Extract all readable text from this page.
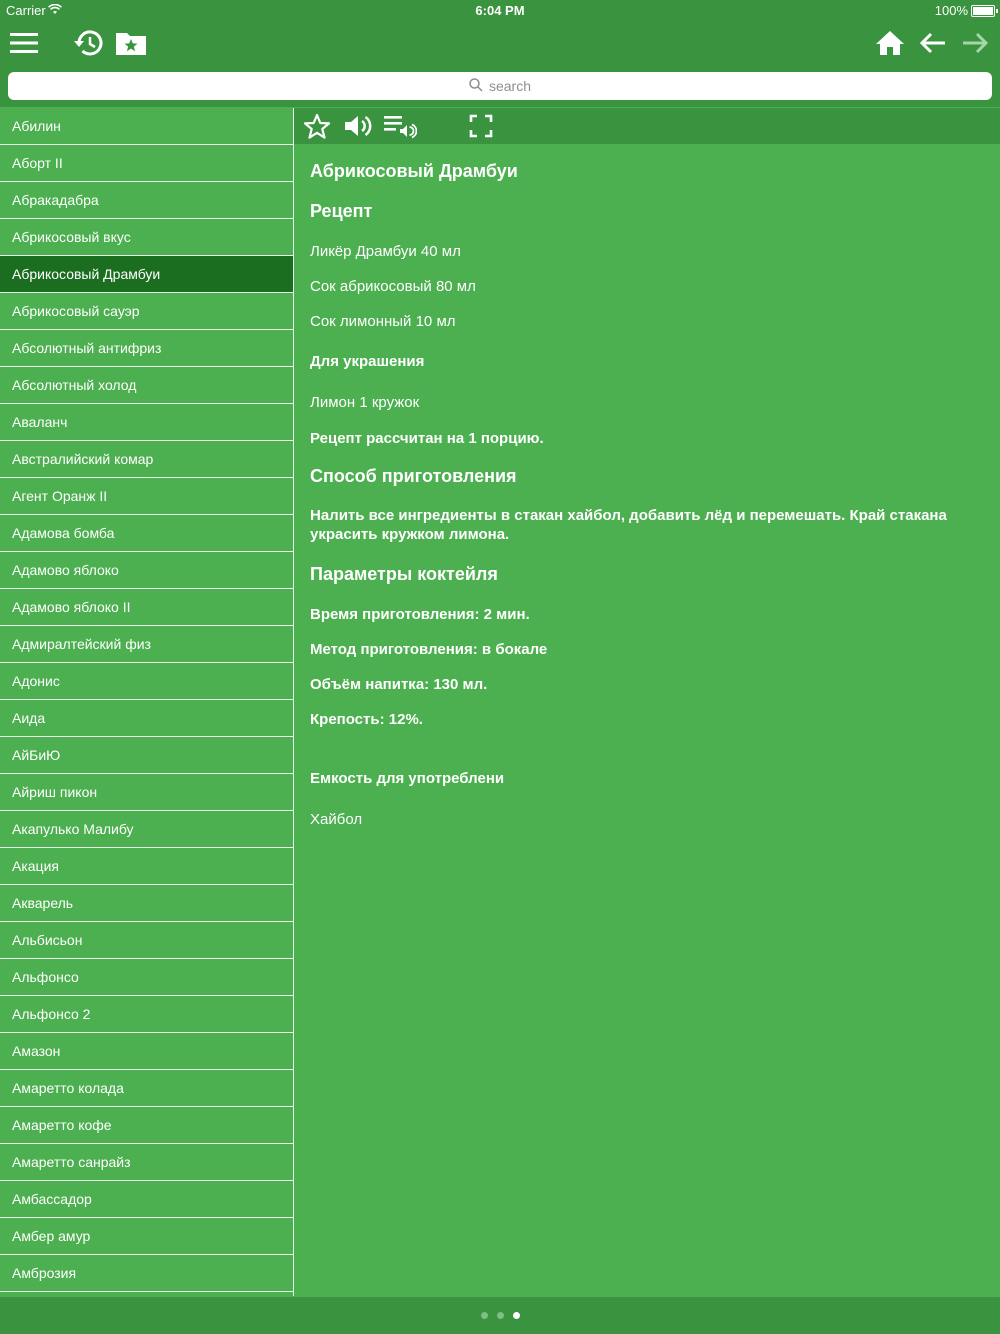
Carrier	6:04 PM	100%
search
Абилин
Аборт II
Абракадабра
Абрикосовый вкус
Абрикосовый Драмбуи
Абрикосовый сауэр
Абсолютный антифриз
Абсолютный холод
Аваланч
Австралийский комар
Агент Оранж II
Адамова бомба
Адамово яблоко
Адамово яблоко II
Адмиралтейский физ
Адонис
Аида
АйБиЮ
Айриш пикон
Акапулько Малибу
Акация
Акварель
Альбисьон
Альфонсо
Альфонсо 2
Амазон
Амаретто колада
Амаретто кофе
Амаретто санрайз
Амбассадор
Амбер амур
Амброзия
Абрикосовый Драмбуи
Рецепт
Ликёр Драмбуи 40 мл
Сок абрикосовый 80 мл
Сок лимонный 10 мл
Для украшения
Лимон 1 кружок
Рецепт рассчитан на 1 порцию.
Способ приготовления
Налить все ингредиенты в стакан хайбол, добавить лёд и перемешать. Край стакана украсить кружком лимона.
Параметры коктейля
Время приготовления: 2 мин.
Метод приготовления: в бокале
Объём напитка: 130 мл.
Крепость: 12%.
Емкость для употреблени
Хайбол
